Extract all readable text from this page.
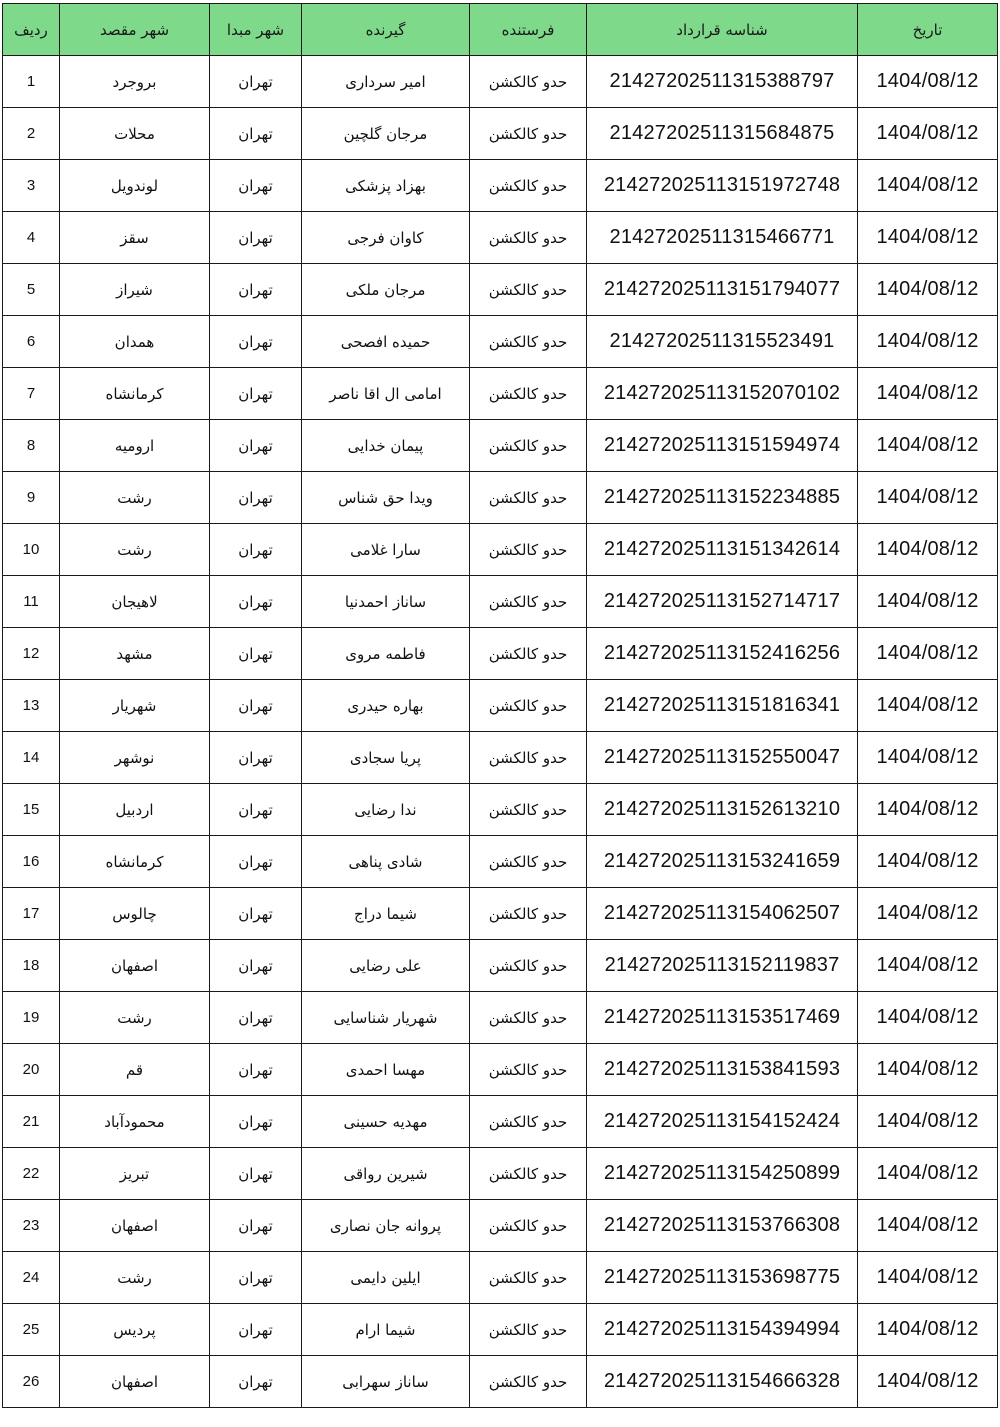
ردیف	شهر مقصد	شهر مبدا	گیرنده	فرستنده	شناسه قرارداد	تاریخ
1	بروجرد	تهران	امیر سرداری	حدو کالکشن	2142720251131538879​7	1404/08/12
2	محلات	تهران	مرجان گلچین	حدو کالکشن	21427202511315684875	1404/08/12
3	لوندویل	تهران	بهزاد پزشکی	حدو کالکشن	214272025113151972748	1404/08/12
4	سقز	تهران	کاوان فرجی	حدو کالکشن	21427202511315466771	1404/08/12
5	شیراز	تهران	مرجان ملکی	حدو کالکشن	214272025113151794077	1404/08/12
6	همدان	تهران	حمیده افصحی	حدو کالکشن	21427202511315523491	1404/08/12
7	کرمانشاه	تهران	امامی ال اقا ناصر	حدو کالکشن	214272025113152070102	1404/08/12
8	ارومیه	تهران	پیمان خدایی	حدو کالکشن	214272025113151594974	1404/08/12
9	رشت	تهران	ویدا حق شناس	حدو کالکشن	214272025113152234885	1404/08/12
10	رشت	تهران	سارا غلامی	حدو کالکشن	214272025113151342614	1404/08/12
11	لاهیجان	تهران	ساناز احمدنیا	حدو کالکشن	214272025113152714717	1404/08/12
12	مشهد	تهران	فاطمه مروی	حدو کالکشن	214272025113152416256	1404/08/12
13	شهریار	تهران	بهاره حیدری	حدو کالکشن	214272025113151816341	1404/08/12
14	نوشهر	تهران	پریا سجادی	حدو کالکشن	214272025113152550047	1404/08/12
15	اردبیل	تهران	ندا رضایی	حدو کالکشن	214272025113152613210	1404/08/12
16	کرمانشاه	تهران	شادی پناهی	حدو کالکشن	214272025113153241659	1404/08/12
17	چالوس	تهران	شیما دراج	حدو کالکشن	214272025113154062507	1404/08/12
18	اصفهان	تهران	علی رضایی	حدو کالکشن	214272025113152119837	1404/08/12
19	رشت	تهران	شهریار شناسایی	حدو کالکشن	214272025113153517469	1404/08/12
20	قم	تهران	مهسا احمدی	حدو کالکشن	214272025113153841593	1404/08/12
21	محمودآباد	تهران	مهدیه حسینی	حدو کالکشن	214272025113154152424	1404/08/12
22	تبریز	تهران	شیرین رواقی	حدو کالکشن	214272025113154250899	1404/08/12
23	اصفهان	تهران	پروانه جان نصاری	حدو کالکشن	214272025113153766308	1404/08/12
24	رشت	تهران	ایلین دایمی	حدو کالکشن	214272025113153698775	1404/08/12
25	پردیس	تهران	شیما ارام	حدو کالکشن	214272025113154394994	1404/08/12
26	اصفهان	تهران	ساناز سهرابی	حدو کالکشن	214272025113154666328	1404/08/12
